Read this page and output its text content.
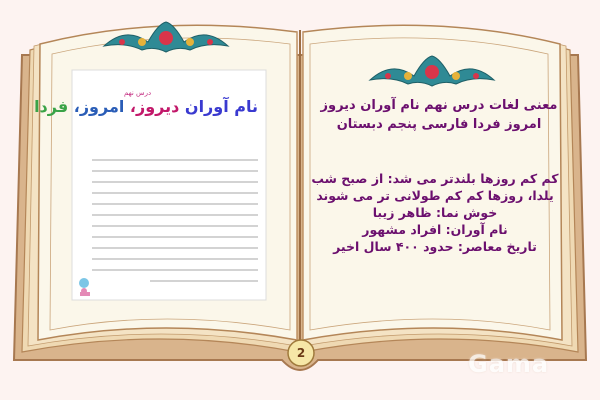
درس نهم
نام آوران دیروز، امروز، فردا	معنی لغات درس نهم نام آوران دیروز امروز فردا فارسی پنجم دبستان
کم کم روزها بلندتر می شد: از صبح شب
یلدا، روزها کم کم طولانی تر می شوند
خوش نما: ظاهر زیبا
نام آوران: افراد مشهور
تاریخ معاصر: حدود ۴۰۰ سال اخیر
2	Gama
